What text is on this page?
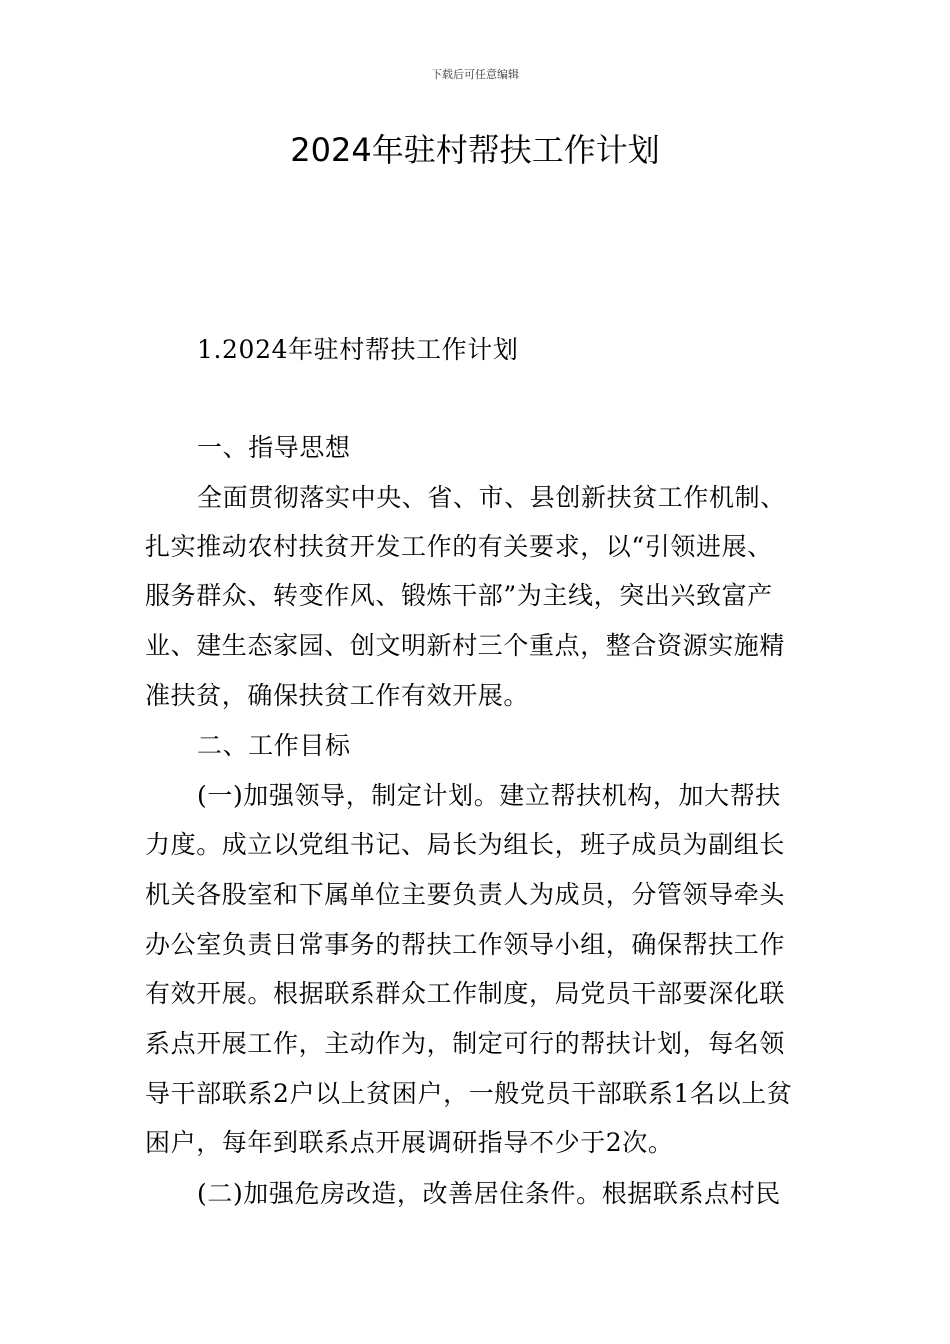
下载后可任意编辑
2024年驻村帮扶工作计划
1.2024年驻村帮扶工作计划
一、指导思想
全面贯彻落实中央、省、市、县创新扶贫工作机制、
扎实推动农村扶贫开发工作的有关要求，以“引领进展、
服务群众、转变作风、锻炼干部”为主线，突出兴致富产
业、建生态家园、创文明新村三个重点，整合资源实施精
准扶贫，确保扶贫工作有效开展。
二、工作目标
(一)加强领导，制定计划。建立帮扶机构，加大帮扶
力度。成立以党组书记、局长为组长，班子成员为副组长
机关各股室和下属单位主要负责人为成员，分管领导牵头
办公室负责日常事务的帮扶工作领导小组，确保帮扶工作
有效开展。根据联系群众工作制度，局党员干部要深化联
系点开展工作，主动作为，制定可行的帮扶计划，每名领
导干部联系2户以上贫困户，一般党员干部联系1名以上贫
困户，每年到联系点开展调研指导不少于2次。
(二)加强危房改造，改善居住条件。根据联系点村民
